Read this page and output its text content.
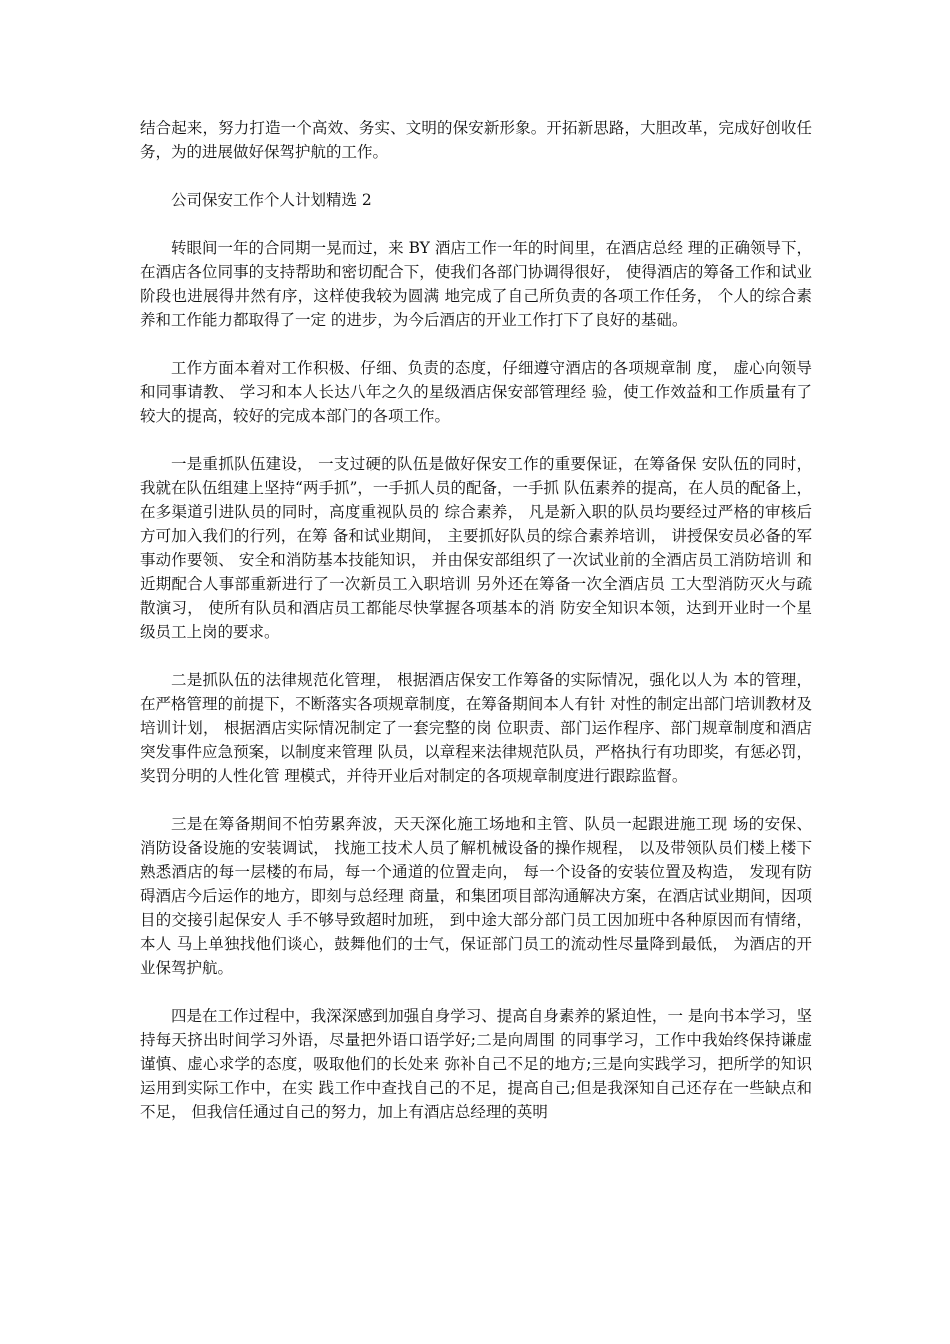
结合起来，努力打造一个高效、务实、文明的保安新形象。开拓新思路，大胆改革，完成好创收任务，为的进展做好保驾护航的工作。

公司保安工作个人计划精选 2

转眼间一年的合同期一晃而过，来 BY 酒店工作一年的时间里，在酒店总经 理的正确领导下， 在酒店各位同事的支持帮助和密切配合下，使我们各部门协调得很好， 使得酒店的筹备工作和试业阶段也进展得井然有序，这样使我较为圆满 地完成了自己所负责的各项工作任务， 个人的综合素养和工作能力都取得了一定 的进步，为今后酒店的开业工作打下了良好的基础。

工作方面本着对工作积极、仔细、负责的态度，仔细遵守酒店的各项规章制 度， 虚心向领导和同事请教、 学习和本人长达八年之久的星级酒店保安部管理经 验，使工作效益和工作质量有了较大的提高，较好的完成本部门的各项工作。

一是重抓队伍建设， 一支过硬的队伍是做好保安工作的重要保证，在筹备保 安队伍的同时，我就在队伍组建上坚持“两手抓”，一手抓人员的配备，一手抓 队伍素养的提高，在人员的配备上，在多渠道引进队员的同时，高度重视队员的 综合素养， 凡是新入职的队员均要经过严格的审核后方可加入我们的行列，在筹 备和试业期间， 主要抓好队员的综合素养培训， 讲授保安员必备的军事动作要领、 安全和消防基本技能知识， 并由保安部组织了一次试业前的全酒店员工消防培训 和近期配合人事部重新进行了一次新员工入职培训 另外还在筹备一次全酒店员 工大型消防灭火与疏散演习， 使所有队员和酒店员工都能尽快掌握各项基本的消 防安全知识本领，达到开业时一个星级员工上岗的要求。

二是抓队伍的法律规范化管理， 根据酒店保安工作筹备的实际情况，强化以人为 本的管理，在严格管理的前提下，不断落实各项规章制度，在筹备期间本人有针 对性的制定出部门培训教材及培训计划， 根据酒店实际情况制定了一套完整的岗 位职责、部门运作程序、部门规章制度和酒店突发事件应急预案，以制度来管理 队员，以章程来法律规范队员，严格执行有功即奖，有惩必罚，奖罚分明的人性化管 理模式，并待开业后对制定的各项规章制度进行跟踪监督。

三是在筹备期间不怕劳累奔波，天天深化施工场地和主管、队员一起跟进施工现 场的安保、 消防设备设施的安装调试， 找施工技术人员了解机械设备的操作规程， 以及带领队员们楼上楼下熟悉酒店的每一层楼的布局，每一个通道的位置走向， 每一个设备的安装位置及构造， 发现有防碍酒店今后运作的地方，即刻与总经理 商量，和集团项目部沟通解决方案，在酒店试业期间，因项目的交接引起保安人 手不够导致超时加班， 到中途大部分部门员工因加班中各种原因而有情绪，本人 马上单独找他们谈心，鼓舞他们的士气，保证部门员工的流动性尽量降到最低， 为酒店的开业保驾护航。

四是在工作过程中，我深深感到加强自身学习、提高自身素养的紧迫性，一 是向书本学习，坚持每天挤出时间学习外语，尽量把外语口语学好;二是向周围 的同事学习，工作中我始终保持谦虚谨慎、虚心求学的态度，吸取他们的长处来 弥补自己不足的地方;三是向实践学习，把所学的知识运用到实际工作中，在实 践工作中查找自己的不足，提高自己;但是我深知自己还存在一些缺点和不足， 但我信任通过自己的努力，加上有酒店总经理的英明
